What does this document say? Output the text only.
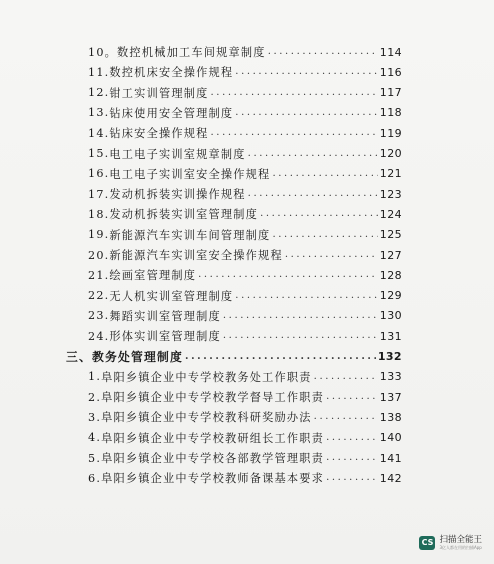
10。 数控机械加工车间规章制度 .....	114
11. 数控机床安全操作规程 .....	116
12. 钳工实训管理制度 .....	117
13. 钻床使用安全管理制度 .....	118
14. 钻床安全操作规程 .....	119
15. 电工电子实训室规章制度 .....	120
16. 电工电子实训室安全操作规程 .....	121
17. 发动机拆装实训操作规程 .....	123
18. 发动机拆装实训室管理制度 .....	124
19. 新能源汽车实训车间管理制度 .....	125
20. 新能源汽车实训室安全操作规程 .....	127
21. 绘画室管理制度 .....	128
22. 无人机实训室管理制度 .....	129
23. 舞蹈实训室管理制度 .....	130
24. 形体实训室管理制度 .....	131
三、 教务处管理制度 .....	132
1. 阜阳乡镇企业中专学校教务处工作职责 .....	133
2. 阜阳乡镇企业中专学校教学督导工作职责 .....	137
3. 阜阳乡镇企业中专学校教科研奖励办法 .....	138
4. 阜阳乡镇企业中专学校教研组长工作职责 .....	140
5. 阜阳乡镇企业中专学校各部教学管理职责 .....	141
6. 阜阳乡镇企业中专学校教师备课基本要求 .....	142
CS 扫描全能王
3亿人都在用的扫描App
